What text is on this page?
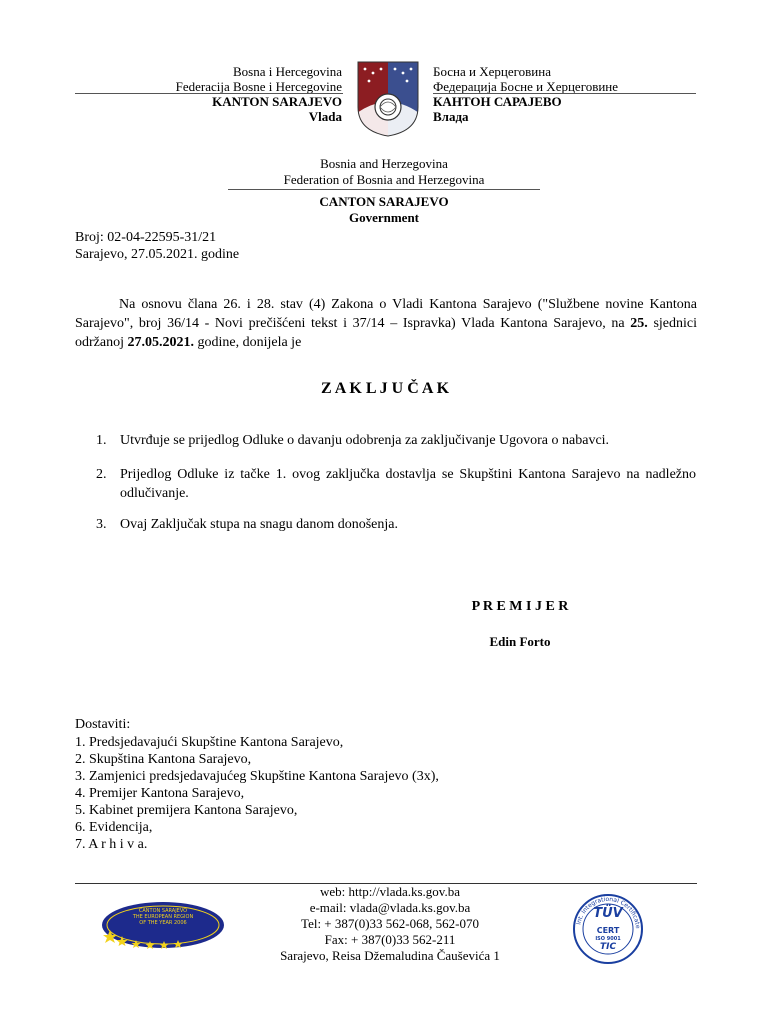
Bosna i Hercegovina
Federacija Bosne i Hercegovine
KANTON SARAJEVO
Vlada
Босна и Херцеговина
Федерација Босне и Херцеговине
КАНТОН САРАЈЕВО
Влада
Bosnia and Herzegovina
Federation of Bosnia and Herzegovina
CANTON SARAJEVO
Government
Broj: 02-04-22595-31/21
Sarajevo, 27.05.2021. godine
Na osnovu člana 26. i 28. stav (4) Zakona o Vladi Kantona Sarajevo ("Službene novine Kantona Sarajevo", broj 36/14 - Novi prečišćeni tekst i 37/14 – Ispravka) Vlada Kantona Sarajevo, na 25. sjednici održanoj 27.05.2021. godine, donijela je
Z A K L J U Č A K
1. Utvrđuje se prijedlog Odluke o davanju odobrenja za zaključivanje Ugovora o nabavci.
2. Prijedlog Odluke iz tačke 1. ovog zaključka dostavlja se Skupštini Kantona Sarajevo na nadležno odlučivanje.
3. Ovaj Zaključak stupa na snagu danom donošenja.
P R E M I J E R
Edin Forto
Dostaviti:
1. Predsjedavajući Skupštine Kantona Sarajevo,
2. Skupština Kantona Sarajevo,
3. Zamjenici predsjedavajućeg Skupštine Kantona Sarajevo (3x),
4. Premijer Kantona Sarajevo,
5. Kabinet premijera Kantona Sarajevo,
6. Evidencija,
7. A r h i v a.
CANTON SARAJEVO
THE EUROPEAN REGION
OF THE YEAR 2006
web: http://vlada.ks.gov.ba
e-mail: vlada@vlada.ks.gov.ba
Tel: + 387(0)33 562-068, 562-070
Fax: + 387(0)33 562-211
Sarajevo, Reisa Džemaludina Čauševića 1
Int. Integrational Certificate
TÜV
CERT
ISO 9001
TIC
